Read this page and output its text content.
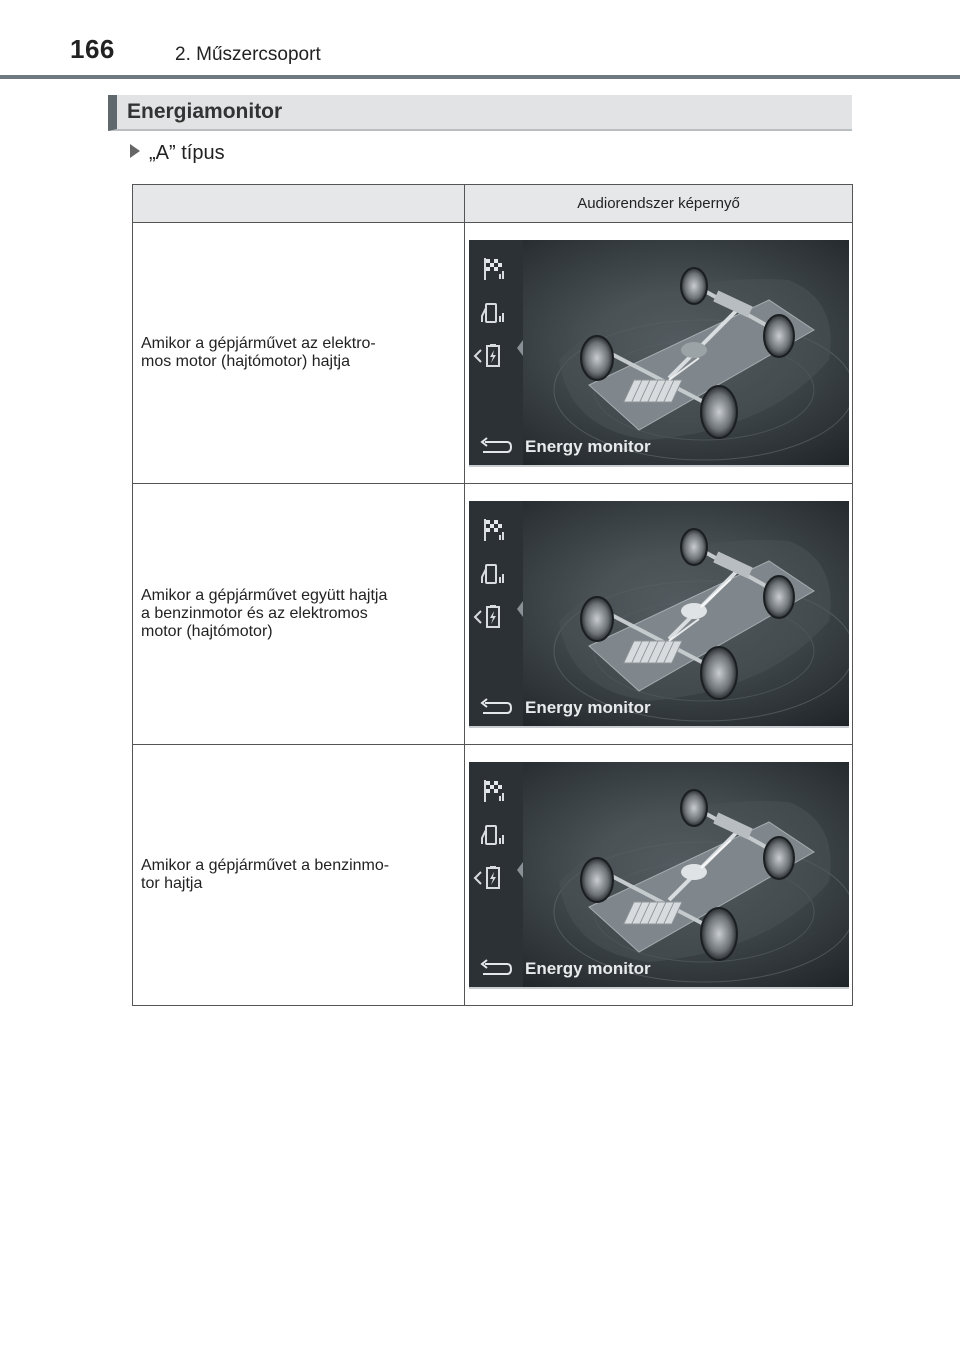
166	2. Műszercsoport
Energiamonitor
„A” típus
	Audiorendszer képernyő

Amikor a gépjárművet az elektro-
mos motor (hajtómotor) hajtja	Energy monitor

Amikor a gépjárművet együtt hajtja
a benzinmotor és az elektromos
motor (hajtómotor)	Energy monitor

Amikor a gépjárművet a benzinmo-
tor hajtja	Energy monitor
